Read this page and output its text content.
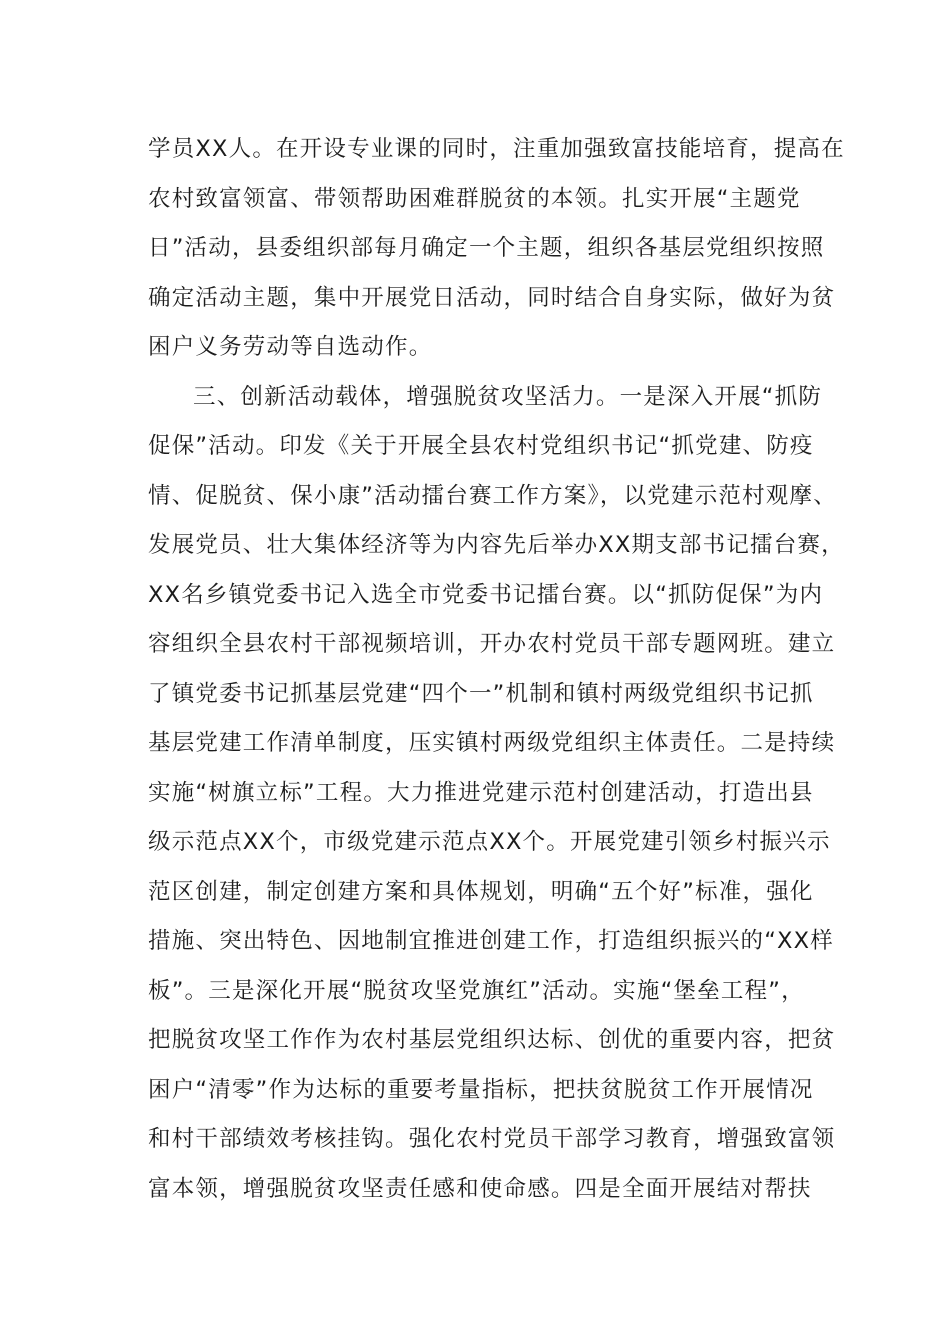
学员XX人。在开设专业课的同时，注重加强致富技能培育，提高在
农村致富领富、带领帮助困难群脱贫的本领。扎实开展“主题党
日”活动，县委组织部每月确定一个主题，组织各基层党组织按照
确定活动主题，集中开展党日活动，同时结合自身实际，做好为贫
困户义务劳动等自选动作。
三、创新活动载体，增强脱贫攻坚活力。一是深入开展“抓防
促保”活动。印发《关于开展全县农村党组织书记“抓党建、防疫
情、促脱贫、保小康”活动擂台赛工作方案》，以党建示范村观摩、
发展党员、壮大集体经济等为内容先后举办XX期支部书记擂台赛，
XX名乡镇党委书记入选全市党委书记擂台赛。以“抓防促保”为内
容组织全县农村干部视频培训，开办农村党员干部专题网班。建立
了镇党委书记抓基层党建“四个一”机制和镇村两级党组织书记抓
基层党建工作清单制度，压实镇村两级党组织主体责任。二是持续
实施“树旗立标”工程。大力推进党建示范村创建活动，打造出县
级示范点XX个，市级党建示范点XX个。开展党建引领乡村振兴示
范区创建，制定创建方案和具体规划，明确“五个好”标准，强化
措施、突出特色、因地制宜推进创建工作，打造组织振兴的“XX样
板”。三是深化开展“脱贫攻坚党旗红”活动。实施“堡垒工程”，
把脱贫攻坚工作作为农村基层党组织达标、创优的重要内容，把贫
困户“清零”作为达标的重要考量指标，把扶贫脱贫工作开展情况
和村干部绩效考核挂钩。强化农村党员干部学习教育，增强致富领
富本领，增强脱贫攻坚责任感和使命感。四是全面开展结对帮扶
